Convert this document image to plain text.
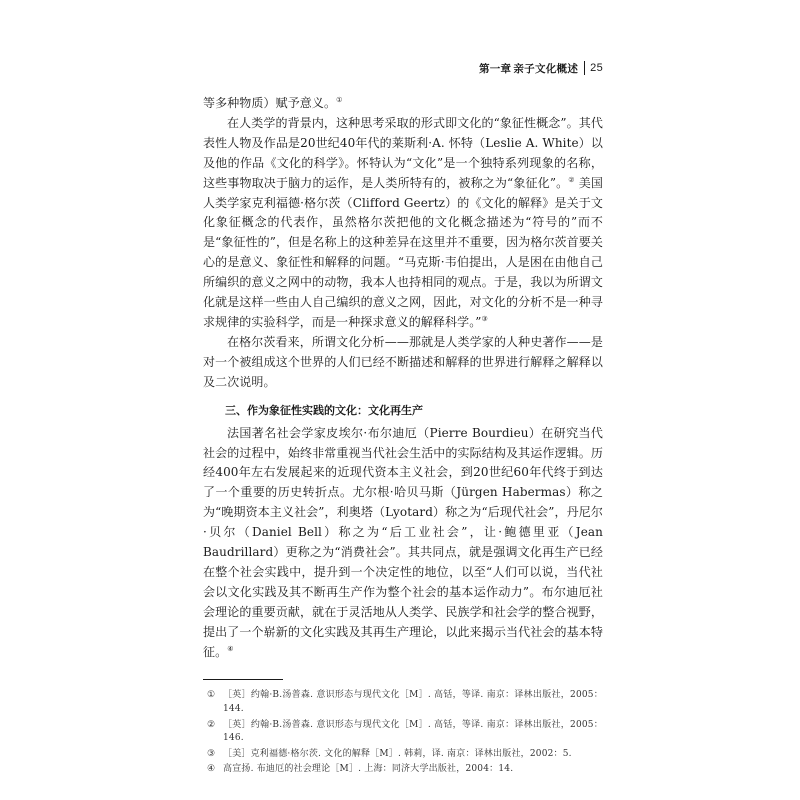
第一章 亲子文化概述 25

等多种物质）赋予意义。①

在人类学的背景内，这种思考采取的形式即文化的“象征性概念”。其代表性人物及作品是20世纪40年代的莱斯利·A. 怀特（Leslie A. White）以及他的作品《文化的科学》。怀特认为“文化”是一个独特系列现象的名称，这些事物取决于脑力的运作，是人类所特有的，被称之为“象征化”。② 美国人类学家克利福德·格尔茨（Clifford Geertz）的《文化的解释》是关于文化象征概念的代表作，虽然格尔茨把他的文化概念描述为“符号的”而不是“象征性的”，但是名称上的这种差异在这里并不重要，因为格尔茨首要关心的是意义、象征性和解释的问题。“马克斯·韦伯提出，人是困在由他自己所编织的意义之网中的动物，我本人也持相同的观点。于是，我以为所谓文化就是这样一些由人自己编织的意义之网，因此，对文化的分析不是一种寻求规律的实验科学，而是一种探求意义的解释科学。”③

在格尔茨看来，所谓文化分析——那就是人类学家的人种史著作——是对一个被组成这个世界的人们已经不断描述和解释的世界进行解释之解释以及二次说明。

三、作为象征性实践的文化：文化再生产

法国著名社会学家皮埃尔·布尔迪厄（Pierre Bourdieu）在研究当代社会的过程中，始终非常重视当代社会生活中的实际结构及其运作逻辑。历经400年左右发展起来的近现代资本主义社会，到20世纪60年代终于到达了一个重要的历史转折点。尤尔根·哈贝马斯（Jürgen Habermas）称之为“晚期资本主义社会”，利奥塔（Lyotard）称之为“后现代社会”，丹尼尔·贝尔（Daniel Bell）称之为“后工业社会”，让·鲍德里亚（Jean Baudrillard）更称之为“消费社会”。其共同点，就是强调文化再生产已经在整个社会实践中，提升到一个决定性的地位，以至“人们可以说，当代社会以文化实践及其不断再生产作为整个社会的基本运作动力”。布尔迪厄社会理论的重要贡献，就在于灵活地从人类学、民族学和社会学的整合视野，提出了一个崭新的文化实践及其再生产理论，以此来揭示当代社会的基本特征。④

① ［英］约翰·B.汤普森. 意识形态与现代文化［M］. 高铦，等译. 南京：译林出版社，2005：144.
② ［英］约翰·B.汤普森. 意识形态与现代文化［M］. 高铦，等译. 南京：译林出版社，2005：146.
③ ［美］克利福德·格尔茨. 文化的解释［M］. 韩莉，译. 南京：译林出版社，2002：5.
④ 高宣扬. 布迪厄的社会理论［M］. 上海：同济大学出版社，2004：14.
